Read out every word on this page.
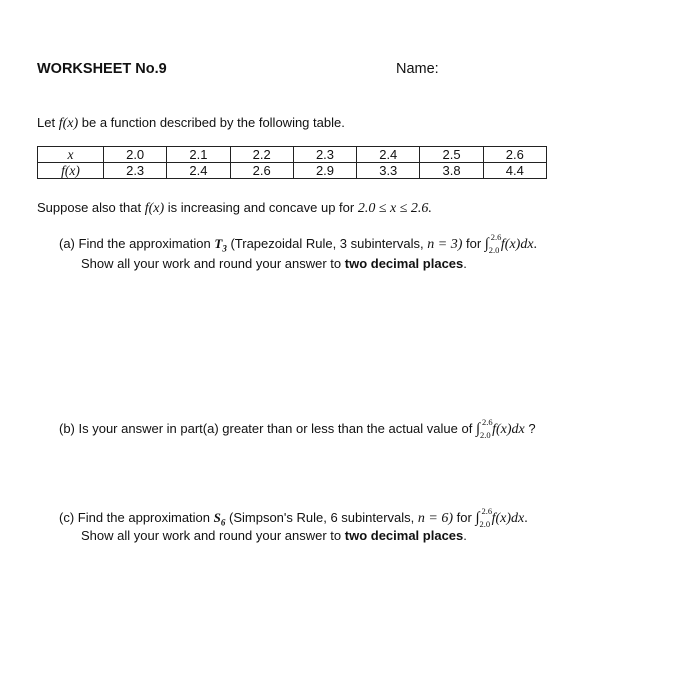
WORKSHEET No.9	Name:
Let f(x) be a function described by the following table.
x	2.0	2.1	2.2	2.3	2.4	2.5	2.6
f(x)	2.3	2.4	2.6	2.9	3.3	3.8	4.4
Suppose also that f(x) is increasing and concave up for 2.0 ≤ x ≤ 2.6.
(a) Find the approximation $T_3$ (Trapezoidal Rule, 3 subintervals, n = 3) for ∫ 2.6
2.0 f(x)dx.
Show all your work and round your answer to two decimal places.
(b) Is your answer in part(a) greater than or less than the actual value of ∫ 2.6
2.0 f(x)dx ?
(c) Find the approximation $S_6$ (Simpson's Rule, 6 subintervals, n = 6) for ∫ 2.6
2.0 f(x)dx.
Show all your work and round your answer to two decimal places.
